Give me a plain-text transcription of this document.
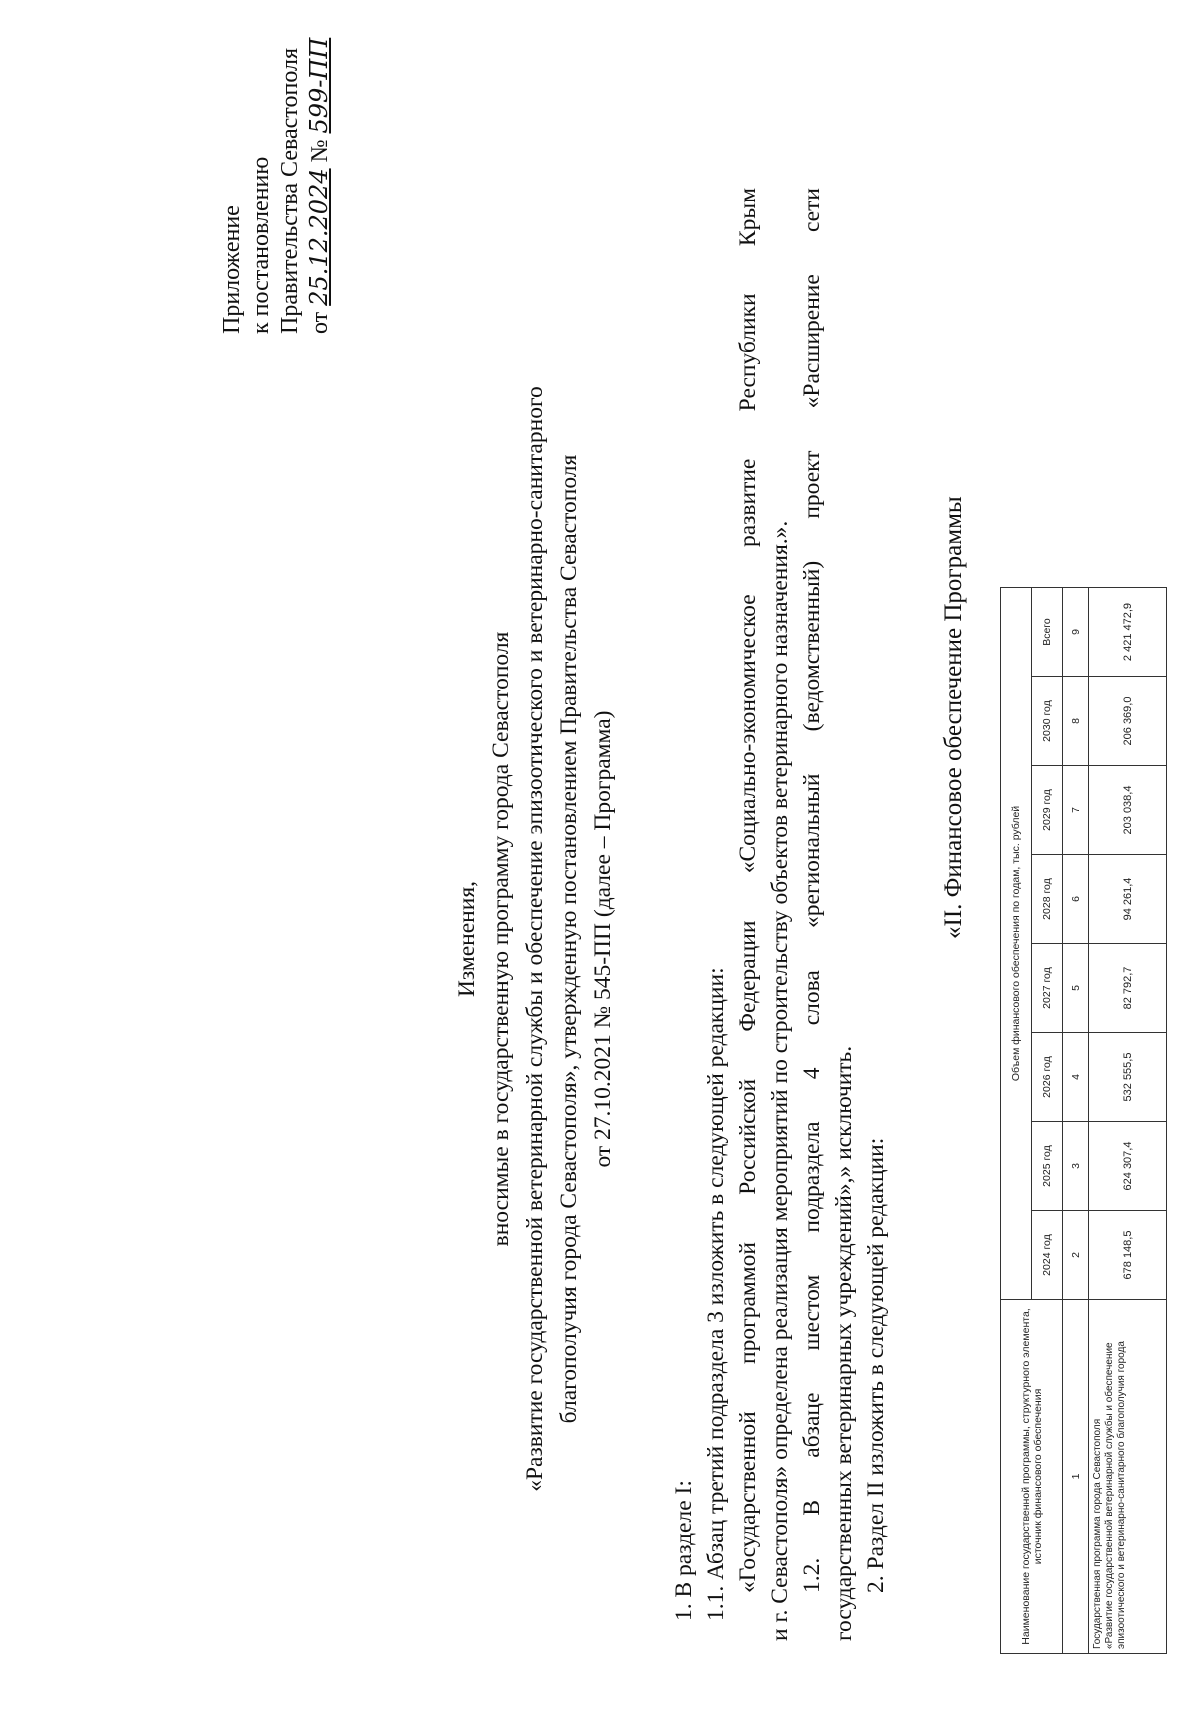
Приложение к постановлению Правительства Севастополя от 25.12.2024 № 599-ПП
Изменения, вносимые в государственную программу города Севастополя «Развитие государственной ветеринарной службы и обеспечение эпизоотического и ветеринарно-санитарного благополучия города Севастополя», утвержденную постановлением Правительства Севастополя от 27.10.2021 № 545-ПП (далее – Программа)
1. В разделе I: 1.1. Абзац третий подраздела 3 изложить в следующей редакции: «Государственной
программой
Российской
Федерации
«Социально-экономическое
развитие
Республики
Крым
и г. Севастополя» определена реализация мероприятий по строительству объектов ветеринарного назначения.». 1.2.
В
абзаце
шестом
подраздела
4
слова
«региональный
(ведомственный)
проект
«Расширение
сети
государственных ветеринарных учреждений»,» исключить. 2. Раздел II изложить в следующей редакции:
«II. Финансовое обеспечение Программы
Наименование государственной программы, структурного элемента, источник финансового обеспечения	Объем финансового обеспечения по годам, тыс. рублей							
	2024 год	2025 год	2026 год	2027 год	2028 год	2029 год	2030 год	Всего
1	2	3	4	5	6	7	8	9

Государственная программа города Севастополя «Развитие государственной ветеринарной службы и обеспечение эпизоотического и ветеринарно-санитарного благополучия города	678 148,5	624 307,4	532 555,5	82 792,7	94 261,4	203 038,4	206 369,0	2 421 472,9
